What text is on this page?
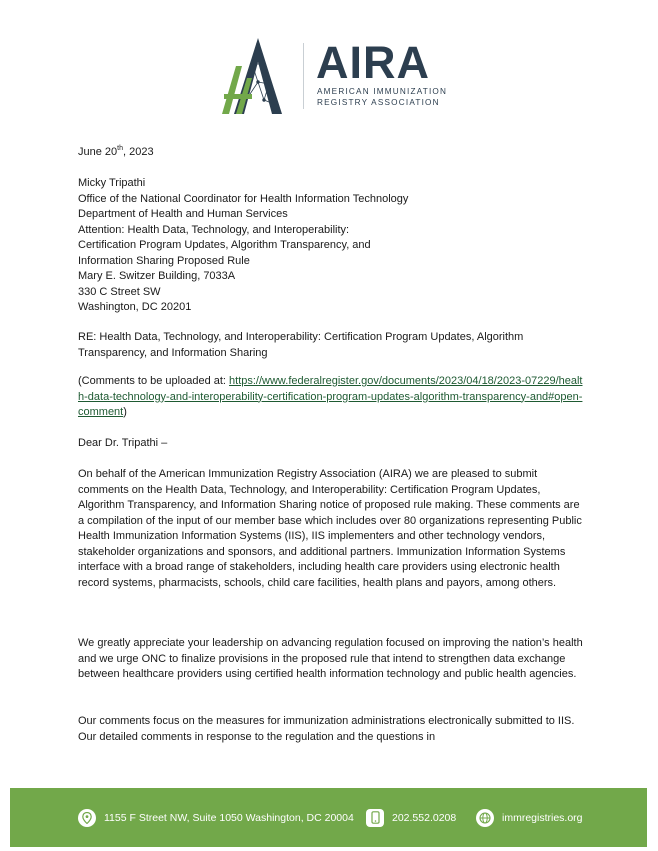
AIRA
AMERICAN IMMUNIZATION
REGISTRY ASSOCIATION
June 20th, 2023
Micky Tripathi
Office of the National Coordinator for Health Information Technology
Department of Health and Human Services
Attention: Health Data, Technology, and Interoperability:
Certification Program Updates, Algorithm Transparency, and
Information Sharing Proposed Rule
Mary E. Switzer Building, 7033A
330 C Street SW
Washington, DC 20201
RE: Health Data, Technology, and Interoperability: Certification Program Updates, Algorithm Transparency, and Information Sharing
(Comments to be uploaded at: https://www.federalregister.gov/documents/2023/04/18/2023-07229/health-data-technology-and-interoperability-certification-program-updates-algorithm-transparency-and#open-comment)
Dear Dr. Tripathi –
On behalf of the American Immunization Registry Association (AIRA) we are pleased to submit comments on the Health Data, Technology, and Interoperability: Certification Program Updates, Algorithm Transparency, and Information Sharing notice of proposed rule making. These comments are a compilation of the input of our member base which includes over 80 organizations representing Public Health Immunization Information Systems (IIS), IIS implementers and other technology vendors, stakeholder organizations and sponsors, and additional partners. Immunization Information Systems interface with a broad range of stakeholders, including health care providers using electronic health record systems, pharmacists, schools, child care facilities, health plans and payors, among others.
We greatly appreciate your leadership on advancing regulation focused on improving the nation’s health and we urge ONC to finalize provisions in the proposed rule that intend to strengthen data exchange between healthcare providers using certified health information technology and public health agencies.
Our comments focus on the measures for immunization administrations electronically submitted to IIS. Our detailed comments in response to the regulation and the questions in
1155 F Street NW, Suite 1050 Washington, DC 20004	202.552.0208	immregistries.org
